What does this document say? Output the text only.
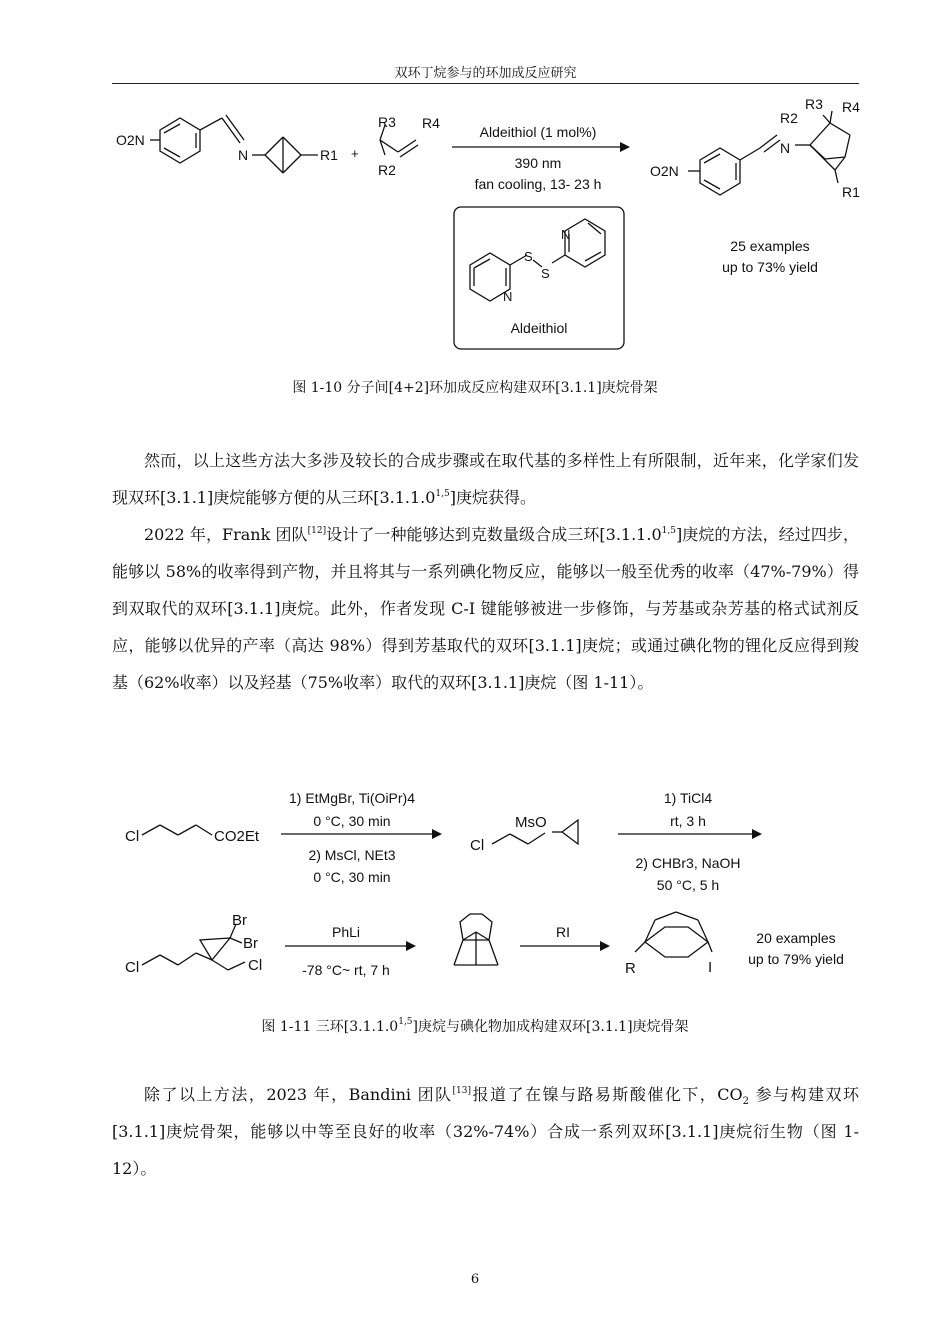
双环丁烷参与的环加成反应研究
O2N
N	R1 +
R3 R4
R2
Aldeithiol (1 mol%)
390 nm
fan cooling, 13- 23 h
S
S
N
N
Aldeithiol
O2N
N
R2
R3 R4
R1
25 examples
up to 73% yield
图 1-10 分子间[4+2]环加成反应构建双环[3.1.1]庚烷骨架

然而，以上这些方法大多涉及较长的合成步骤或在取代基的多样性上有所限制，近年来，化学家们发现双环[3.1.1]庚烷能够方便的从三环[3.1.1.0$^{1,5}$]庚烷获得。

2022 年，Frank 团队[12]设计了一种能够达到克数量级合成三环[3.1.1.0$^{1,5}$]庚烷的方法，经过四步，能够以 58%的收率得到产物，并且将其与一系列碘化物反应，能够以一般至优秀的收率（47%-79%）得到双取代的双环[3.1.1]庚烷。此外，作者发现 C-I 键能够被进一步修饰，与芳基或杂芳基的格式试剂反应，能够以优异的产率（高达 98%）得到芳基取代的双环[3.1.1]庚烷；或通过碘化物的锂化反应得到羧基（62%收率）以及羟基（75%收率）取代的双环[3.1.1]庚烷（图 1-11）。

Cl	CO2Et
1) EtMgBr, Ti(OiPr)4
0 °C, 30 min
2) MsCl, NEt3
0 °C, 30 min
Cl
MsO
1) TiCl4
rt, 3 h
2) CHBr3, NaOH
50 °C, 5 h
Br
Br
Cl	Cl
PhLi
-78 °C~ rt, 7 h
RI
R	I
20 examples
up to 79% yield
图 1-11 三环[3.1.1.0$^{1,5}$]庚烷与碘化物加成构建双环[3.1.1]庚烷骨架

除了以上方法，2023 年，Bandini 团队[13]报道了在镍与路易斯酸催化下，$CO_2$ 参与构建双环[3.1.1]庚烷骨架，能够以中等至良好的收率（32%-74%）合成一系列双环[3.1.1]庚烷衍生物（图 1-12）。

6
